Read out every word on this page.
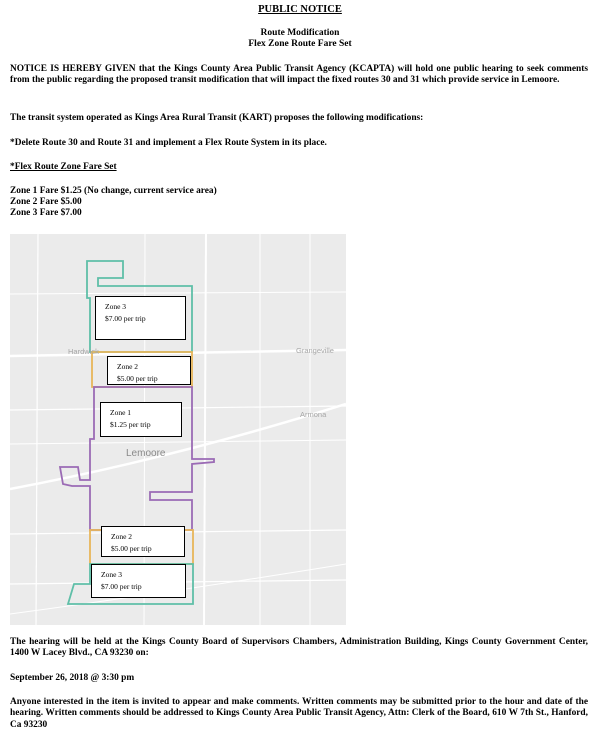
PUBLIC NOTICE
Route Modification
Flex Zone Route Fare Set
NOTICE IS HEREBY GIVEN that the Kings County Area Public Transit Agency (KCAPTA) will hold one public hearing to seek comments from the public regarding the proposed transit modification that will impact the fixed routes 30 and 31 which provide service in Lemoore.
The transit system operated as Kings Area Rural Transit (KART) proposes the following modifications:
*Delete Route 30 and Route 31 and implement a Flex Route System in its place.
*Flex Route Zone Fare Set
Zone 1 Fare $1.25 (No change, current service area)
Zone 2 Fare $5.00
Zone 3 Fare $7.00
Hardwick	Grangeville
Armona
Lemoore
Zone 3
$7.00 per trip
Zone 2
$5.00 per trip
Zone 1
$1.25 per trip
Zone 2
$5.00 per trip
Zone 3
$7.00 per trip
The hearing will be held at the Kings County Board of Supervisors Chambers, Administration Building, Kings County Government Center, 1400 W Lacey Blvd., CA 93230 on:
September 26, 2018 @ 3:30 pm
Anyone interested in the item is invited to appear and make comments. Written comments may be submitted prior to the hour and date of the hearing. Written comments should be addressed to Kings County Area Public Transit Agency, Attn: Clerk of the Board, 610 W 7th St., Hanford, Ca 93230
